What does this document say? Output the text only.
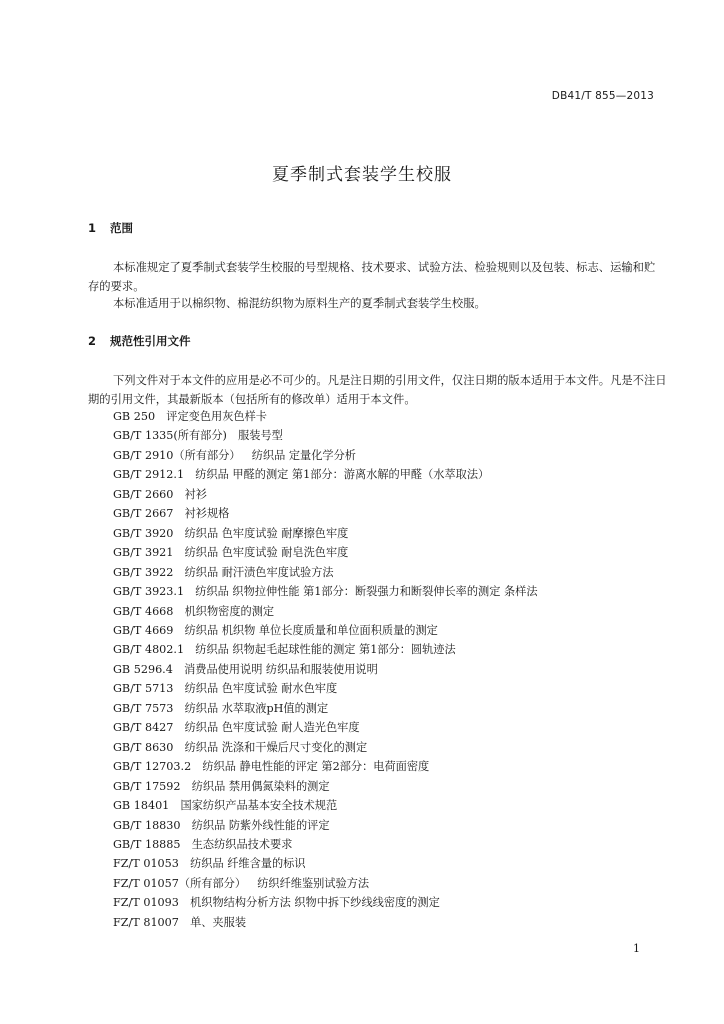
DB41/T 855—2013
夏季制式套装学生校服
1 范围

本标准规定了夏季制式套装学生校服的号型规格、技术要求、试验方法、检验规则以及包装、标志、运输和贮存的要求。

本标准适用于以棉织物、棉混纺织物为原料生产的夏季制式套装学生校服。

2 规范性引用文件

下列文件对于本文件的应用是必不可少的。凡是注日期的引用文件，仅注日期的版本适用于本文件。凡是不注日期的引用文件，其最新版本（包括所有的修改单）适用于本文件。

GB 250  评定变色用灰色样卡
GB/T 1335(所有部分)  服装号型
GB/T 2910（所有部分）  纺织品 定量化学分析
GB/T 2912.1  纺织品 甲醛的测定 第1部分：游离水解的甲醛（水萃取法）
GB/T 2660  衬衫
GB/T 2667  衬衫规格
GB/T 3920  纺织品 色牢度试验 耐摩擦色牢度
GB/T 3921  纺织品 色牢度试验 耐皂洗色牢度
GB/T 3922  纺织品 耐汗渍色牢度试验方法
GB/T 3923.1  纺织品 织物拉伸性能 第1部分：断裂强力和断裂伸长率的测定 条样法
GB/T 4668  机织物密度的测定
GB/T 4669  纺织品 机织物 单位长度质量和单位面积质量的测定
GB/T 4802.1  纺织品 织物起毛起球性能的测定 第1部分：圆轨迹法
GB 5296.4  消费品使用说明 纺织品和服装使用说明
GB/T 5713  纺织品 色牢度试验 耐水色牢度
GB/T 7573  纺织品 水萃取液pH值的测定
GB/T 8427  纺织品 色牢度试验 耐人造光色牢度
GB/T 8630  纺织品 洗涤和干燥后尺寸变化的测定
GB/T 12703.2  纺织品 静电性能的评定 第2部分：电荷面密度
GB/T 17592  纺织品 禁用偶氮染料的测定
GB 18401  国家纺织产品基本安全技术规范
GB/T 18830  纺织品 防紫外线性能的评定
GB/T 18885  生态纺织品技术要求
FZ/T 01053  纺织品 纤维含量的标识
FZ/T 01057（所有部分）  纺织纤维鉴别试验方法
FZ/T 01093  机织物结构分析方法 织物中拆下纱线线密度的测定
FZ/T 81007  单、夹服装
1
